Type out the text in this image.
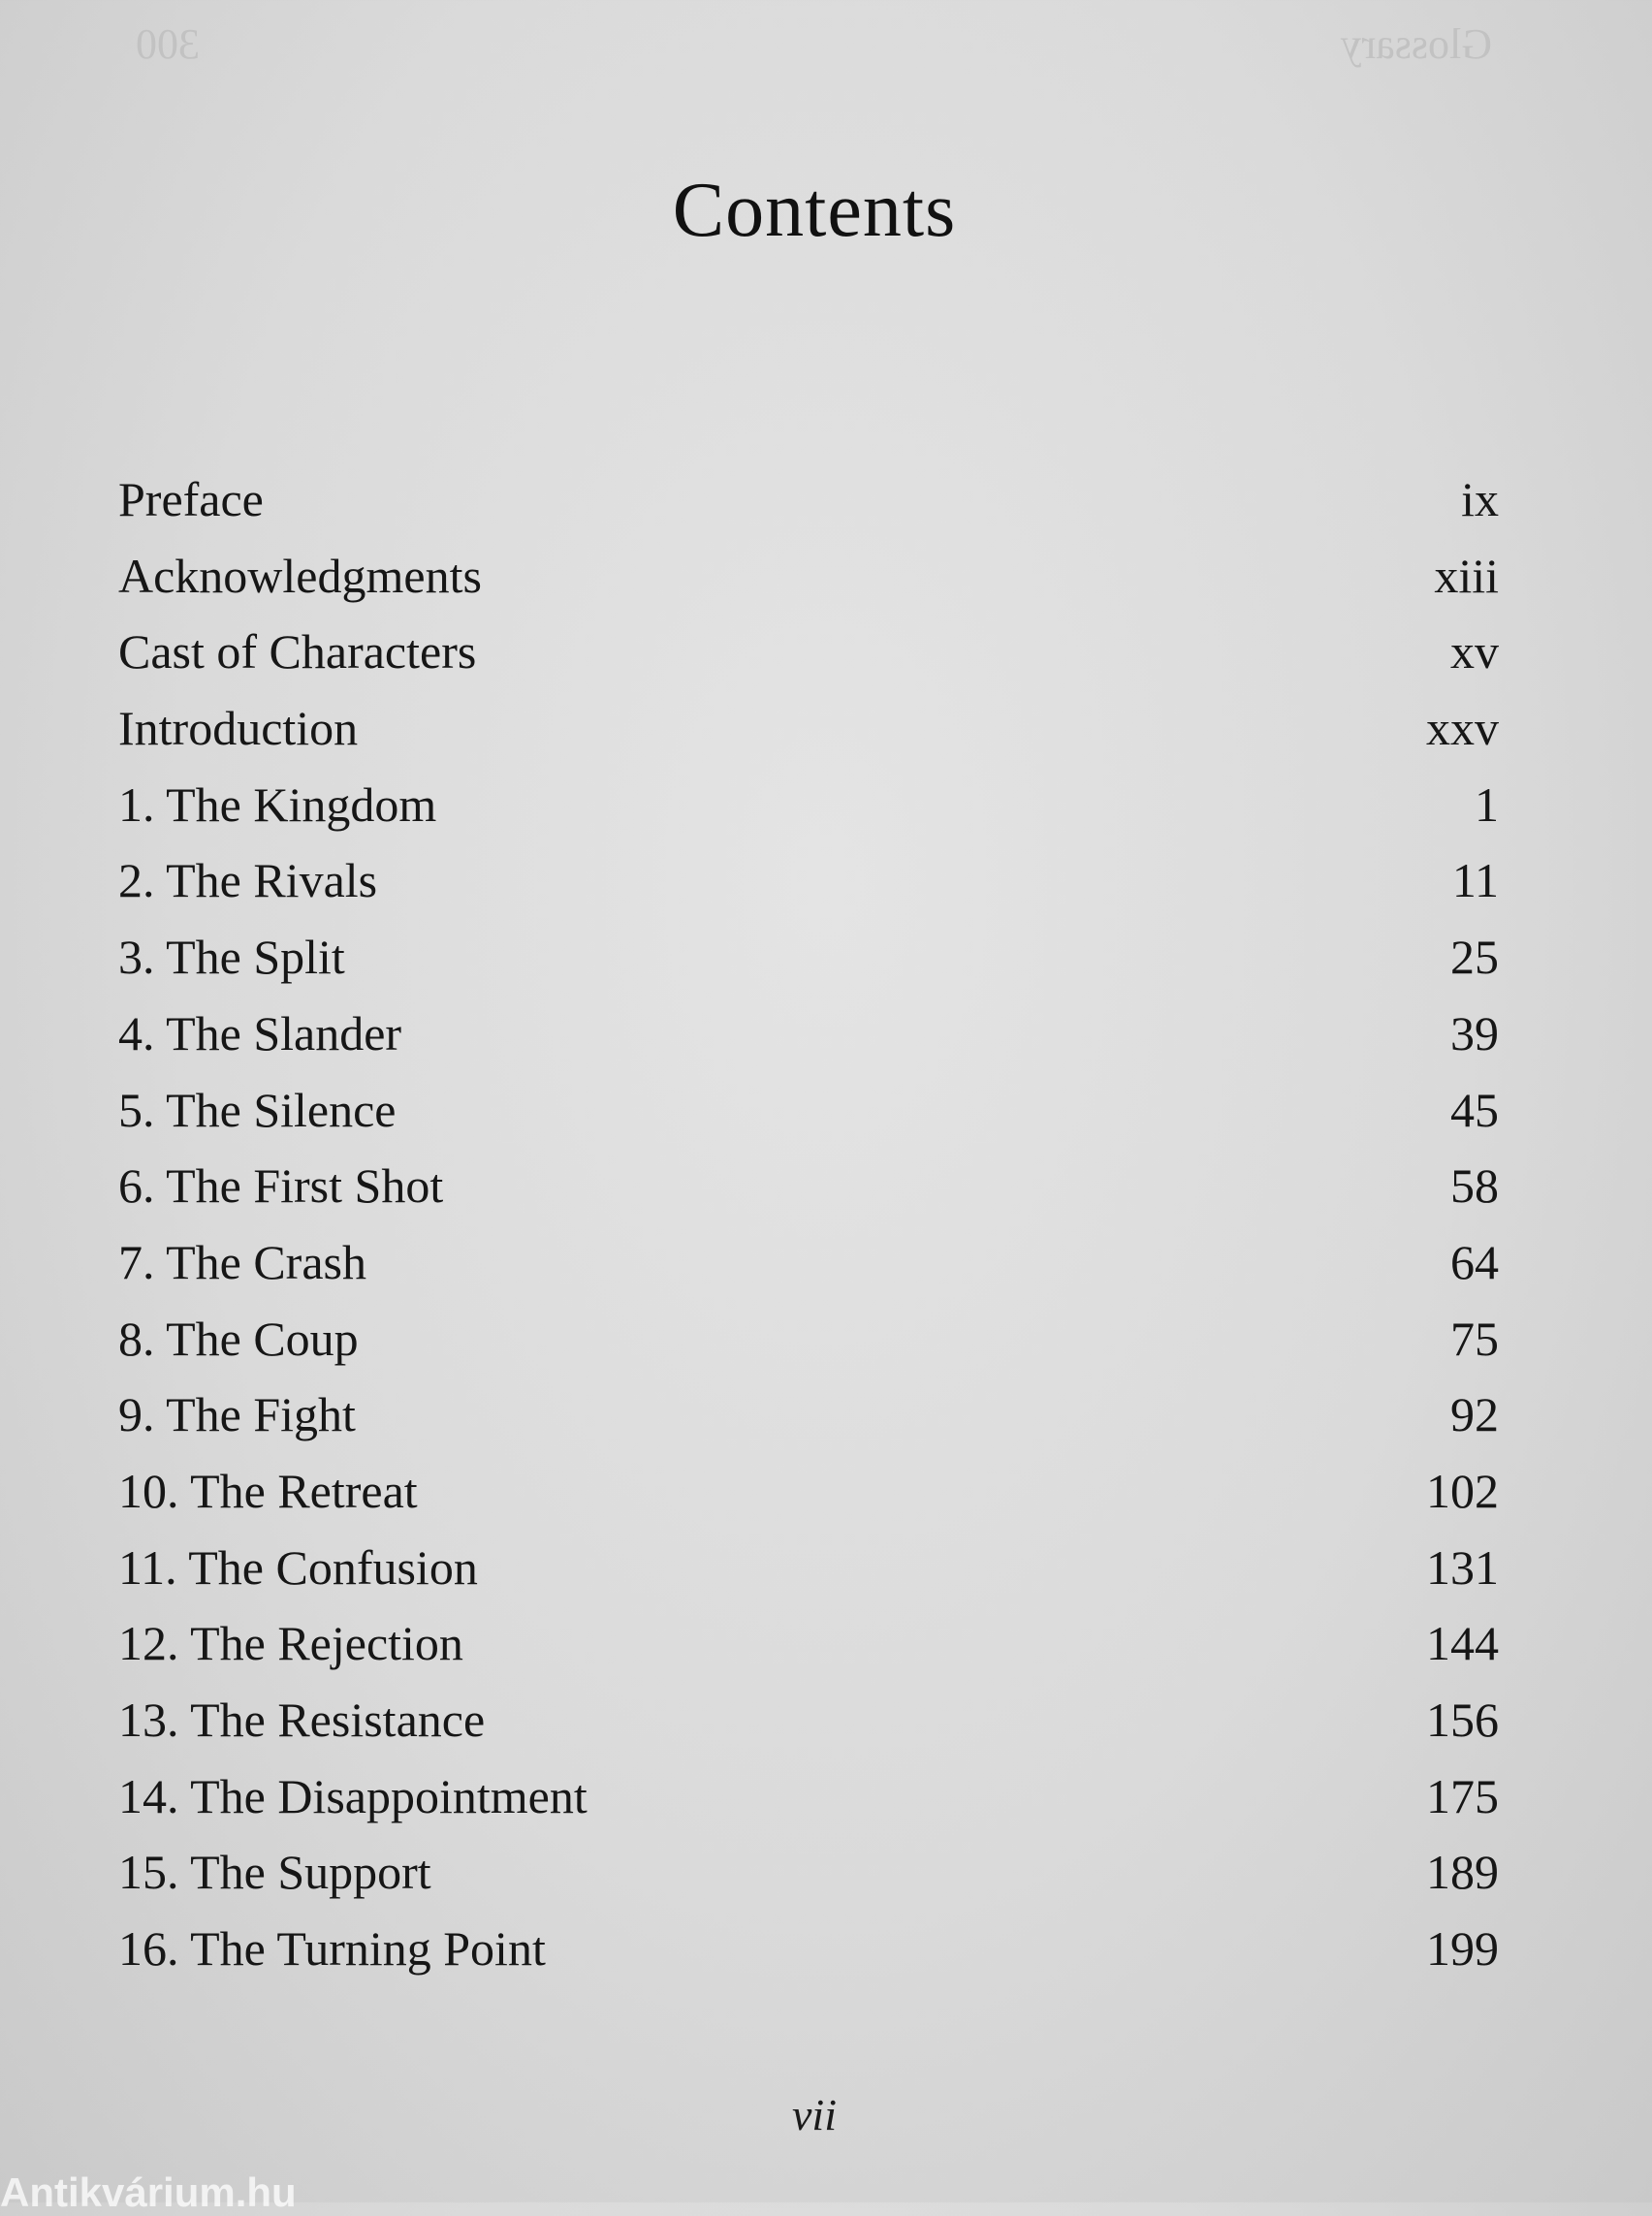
Glossary
300
Contents
Preface	ix
Acknowledgments	xiii
Cast of Characters	xv
Introduction	xxv
1. The Kingdom	1
2. The Rivals	11
3. The Split	25
4. The Slander	39
5. The Silence	45
6. The First Shot	58
7. The Crash	64
8. The Coup	75
9. The Fight	92
10. The Retreat	102
11. The Confusion	131
12. The Rejection	144
13. The Resistance	156
14. The Disappointment	175
15. The Support	189
16. The Turning Point	199
vii
Antikvárium.hu
